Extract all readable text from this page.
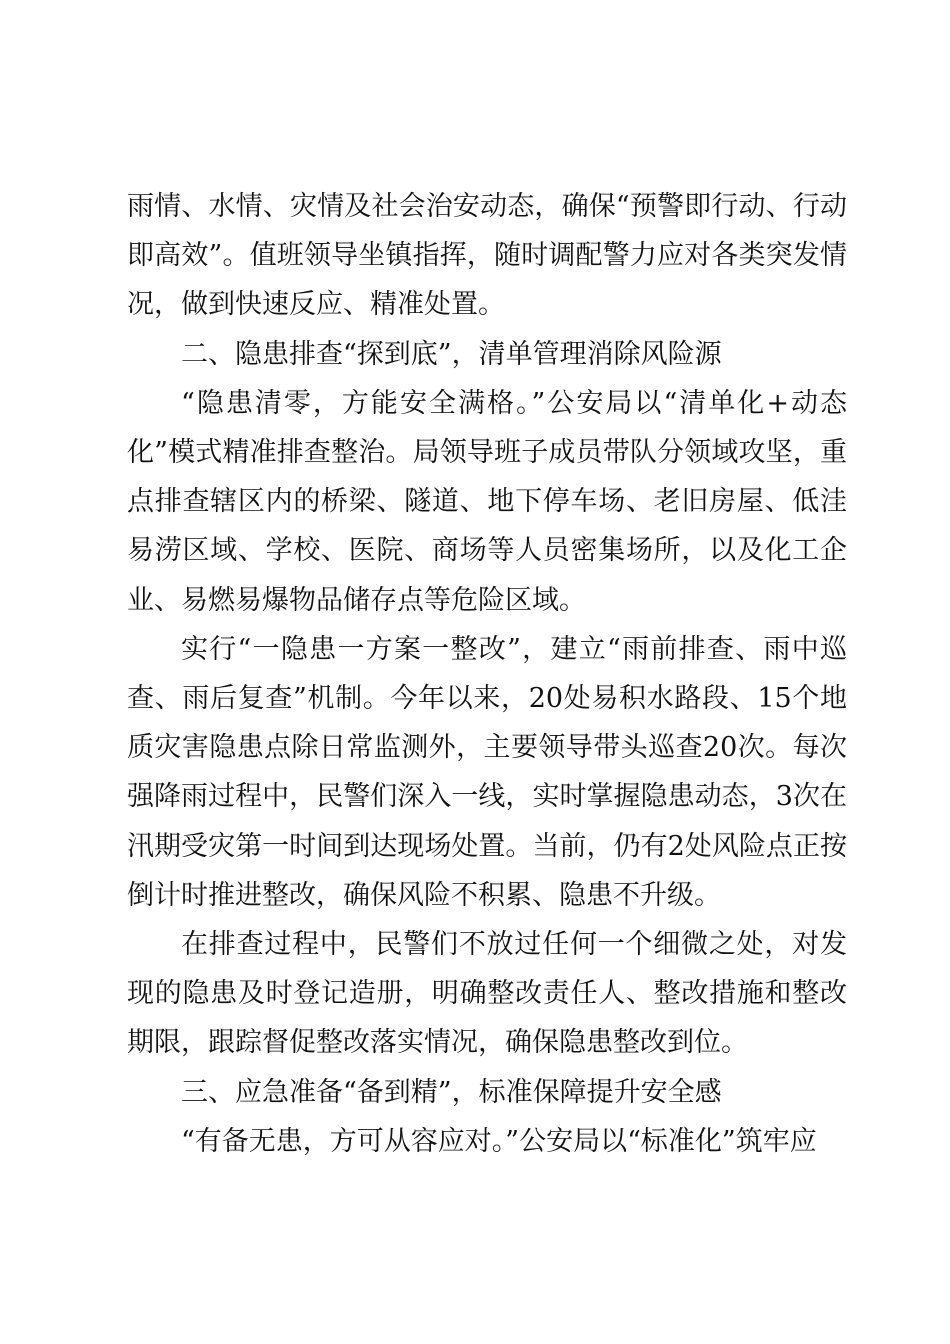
雨情、水情、灾情及社会治安动态，确保“预警即行动、行动即高效”。值班领导坐镇指挥，随时调配警力应对各类突发情况，做到快速反应、精准处置。

二、隐患排查“探到底”，清单管理消除风险源

“隐患清零，方能安全满格。”公安局以“清单化+动态化”模式精准排查整治。局领导班子成员带队分领域攻坚，重点排查辖区内的桥梁、隧道、地下停车场、老旧房屋、低洼易涝区域、学校、医院、商场等人员密集场所，以及化工企业、易燃易爆物品储存点等危险区域。

实行“一隐患一方案一整改”，建立“雨前排查、雨中巡查、雨后复查”机制。今年以来，20处易积水路段、15个地质灾害隐患点除日常监测外，主要领导带头巡查20次。每次强降雨过程中，民警们深入一线，实时掌握隐患动态，3次在汛期受灾第一时间到达现场处置。当前，仍有2处风险点正按倒计时推进整改，确保风险不积累、隐患不升级。

在排查过程中，民警们不放过任何一个细微之处，对发现的隐患及时登记造册，明确整改责任人、整改措施和整改期限，跟踪督促整改落实情况，确保隐患整改到位。

三、应急准备“备到精”，标准保障提升安全感

“有备无患，方可从容应对。”公安局以“标准化”筑牢应
